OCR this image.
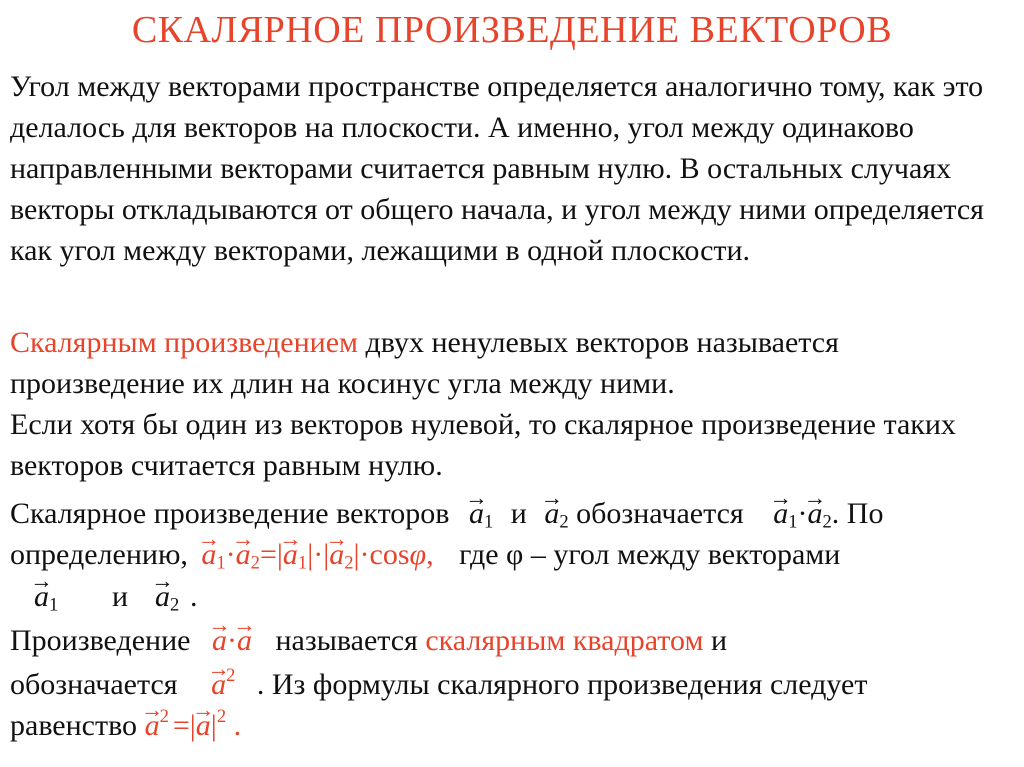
СКАЛЯРНОЕ ПРОИЗВЕДЕНИЕ ВЕКТОРОВ
Угол между векторами пространстве определяется аналогично тому, как это делалось для векторов на плоскости. А именно, угол между одинаково направленными векторами считается равным нулю. В остальных случаях векторы откладываются от общего начала, и угол между ними определяется как угол между векторами, лежащими в одной плоскости.
Скалярным произведением двух ненулевых векторов называется произведение их длин на косинус угла между ними.
Если хотя бы один из векторов нулевой, то скалярное произведение таких векторов считается равным нулю.
Скалярное произведение векторов → $a_1$ $и \to a_2$ обозначается → $a_1\cdot\to a_2$. По
определению, → $a_1\cdot\to a_2=|\to a_1|\cdot|\to a_2|\cdot\cos\varphi$, где φ – угол между векторами
→ $a_1$ и
→ $a_2$ .
Произведение → a·→ a называется скалярным квадратом и
обозначается → $a^2$ . Из формулы скалярного произведения следует
равенство → $a^2$ =|→ $a|^2$ .
